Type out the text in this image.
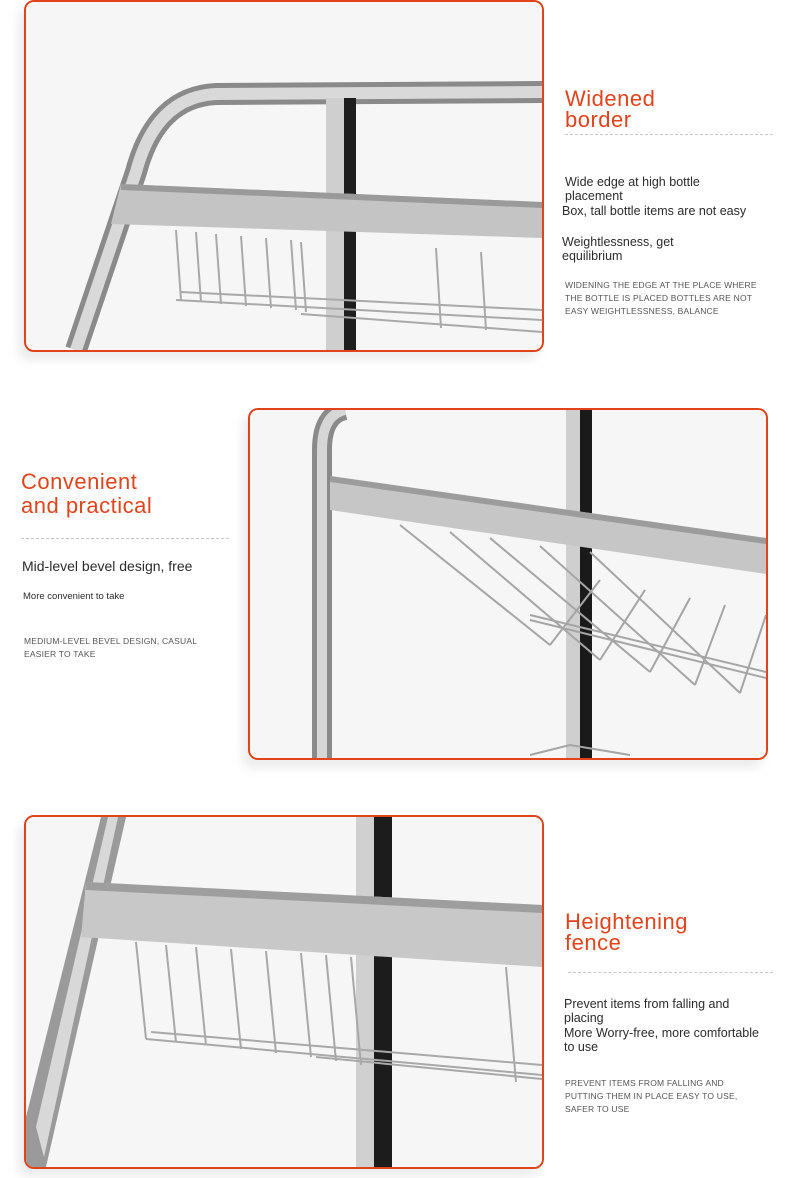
Widened
border

Wide edge at high bottle placement

Box, tall bottle items are not easy

Weightlessness, get equilibrium

WIDENING THE EDGE AT THE PLACE WHERE THE BOTTLE IS PLACED BOTTLES ARE NOT EASY WEIGHTLESSNESS, BALANCE

Convenient
and practical

Mid-level bevel design, free

More convenient to take

MEDIUM-LEVEL BEVEL DESIGN, CASUAL EASIER TO TAKE

Heightening
fence

Prevent items from falling and placing

More Worry-free, more comfortable to use

PREVENT ITEMS FROM FALLING AND PUTTING THEM IN PLACE EASY TO USE, SAFER TO USE
